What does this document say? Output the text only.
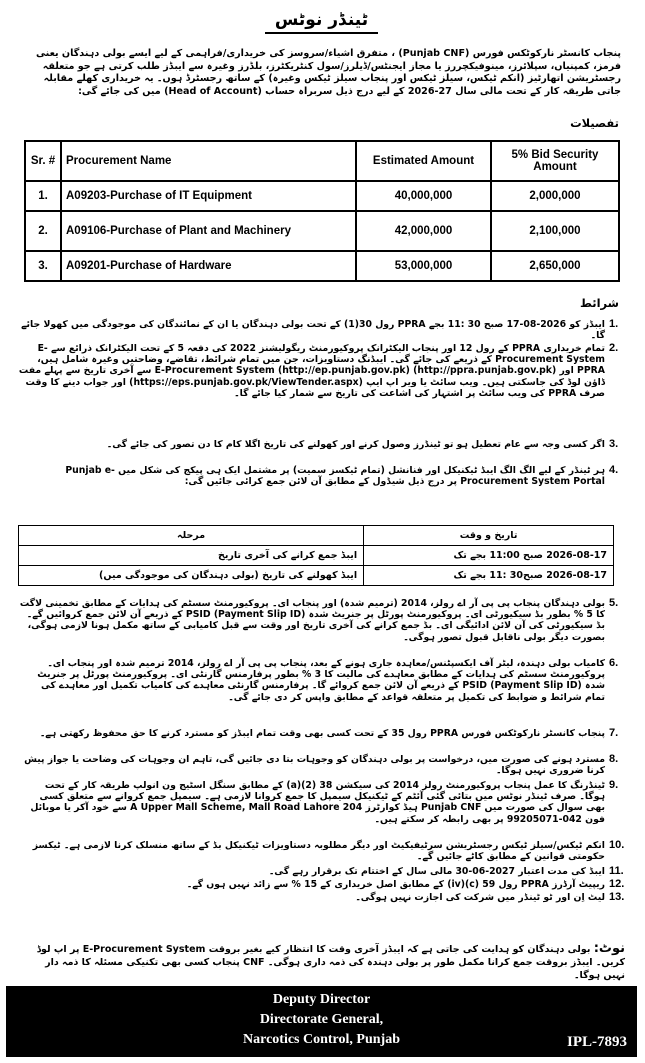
ٹینڈر نوٹس
پنجاب کانسٹر نارکوٹکس فورس (Punjab CNF) ، متفرق اشیاء/سروسز کی خریداری/فراہمی کے لیے ایسے بولی دہندگان یعنی فرمز، کمپنیاں، سپلائرز، مینوفیکچررز یا مجاز ایجنٹس/ڈیلرز/سول کنٹریکٹرز، بلڈرز وغیرہ سے ایبڈز طلب کرتی ہے جو متعلقہ رجسٹریشن اتھارٹیز (انکم ٹیکس، سیلز ٹیکس اور پنجاب سیلز ٹیکس وغیرہ) کے ساتھ رجسٹرڈ ہوں۔ یہ خریداری کھلے مقابلہ جاتی طریقہ کار کے تحت مالی سال 27-2026 کے لیے درج ذیل سربراہ حساب (Head of Account) میں کی جائے گی:
تفصیلات
Sr. #	Procurement Name	Estimated Amount	5% Bid Security Amount
1.	A09203-Purchase of IT Equipment	40,000,000	2,000,000
2.	A09106-Purchase of Plant and Machinery	42,000,000	2,100,000
3.	A09201-Purchase of Hardware	53,000,000	2,650,000
شرائط
1.
ایبڈز کو 2026-08-17 صبح 30 :11 بجے PPRA رول 30(1) کے تحت بولی دہندگان یا ان کے نمائندگان کی موجودگی میں کھولا جائے گا۔
2.
تمام خریداری PPRA کے رول 12 اور پنجاب الیکٹرانک پروکیورمنٹ ریگولیشنز 2022 کی دفعہ 5 کے تحت الیکٹرانک ذرائع سے E-Procurement System کے ذریعے کی جائے گی۔ ایبڈنگ دستاویزات، جن میں تمام شرائط، تقاضے، وضاحتیں وغیرہ شامل ہیں، PPRA اور E-Procurement System (http://ep.punjab.gov.pk) (http://ppra.punjab.gov.pk) سے آخری تاریخ سے پہلے مفت ڈاؤن لوڈ کی جاسکتی ہیں۔ ویب سائٹ یا ویر اپ ایپ (https://eps.punjab.gov.pk/ViewTender.aspx) اور جواب دینے کا وقت صرف PPRA کی ویب سائٹ پر اشتہار کی اشاعت کی تاریخ سے شمار کیا جائے گا۔
3.
اگر کسی وجہ سے عام تعطیل ہو تو ٹینڈرز وصول کرنے اور کھولنے کی تاریخ اگلا کام کا دن تصور کی جائے گی۔
4.
ہر ٹینڈر کے لیے الگ الگ ایبڈ ٹیکنیکل اور فنانشل (تمام ٹیکسز سمیت) پر مشتمل ایک ہی پیکج کی شکل میں Punjab e-Procurement System Portal پر درج ذیل شیڈول کے مطابق آن لائن جمع کرائی جائیں گی:
تاریخ و وقت	مرحلہ
2026-08-17 صبح 11:00 بجے تک	ایبڈ جمع کرانے کی آخری تاریخ
2026-08-17 صبح30 :11 بجے تک	ایبڈ کھولنے کی تاریخ (بولی دہندگان کی موجودگی میں)
5.
بولی دہندگان پنجاب پی پی آر اے رولز، 2014 (ترمیم شدہ) اور پنجاب ای۔ پروکیورمنٹ سسٹم کی ہدایات کے مطابق تخمینی لاگت کا 5 % بطور بڈ سیکیورٹی ای۔ پروکیورمنٹ پورٹل پر جنریٹ شدہ PSID (Payment Slip ID) کے ذریعے آن لائن جمع کروائیں گے۔ بڈ سیکیورٹی کی آن لائن ادائیگی ای۔ بڈ جمع کرانے کی آخری تاریخ اور وقت سے قبل کامیابی کے ساتھ مکمل ہونا لازمی ہوگی، بصورت دیگر بولی ناقابل قبول تصور ہوگی۔
6.
کامیاب بولی دہندہ، لیٹر آف ایکسپٹنس/معاہدہ جاری ہونے کے بعد، پنجاب پی پی آر اے رولز، 2014 ترمیم شدہ اور پنجاب ای۔ پروکیورمنٹ سسٹم کی ہدایات کے مطابق معاہدے کی مالیت کا 3 % بطور پرفارمنس گارنٹی ای۔ پروکیورمنٹ پورٹل پر جنریٹ شدہ PSID (Payment Slip ID) کے ذریعے آن لائن جمع کروائے گا۔ پرفارمنس گارنٹی معاہدے کی کامیاب تکمیل اور معاہدے کی تمام شرائط و ضوابط کی تکمیل پر متعلقہ قواعد کے مطابق واپس کر دی جائے گی۔
7.
پنجاب کانسٹر نارکوٹکس فورس PPRA رول 35 کے تحت کسی بھی وقت تمام ایبڈز کو مسترد کرنے کا حق محفوظ رکھتی ہے۔
8.
مسترد ہونے کی صورت میں، درخواست پر بولی دہندگان کو وجوہات بتا دی جائیں گی، تاہم ان وجوہات کی وضاحت یا جواز پیش کرنا ضروری نہیں ہوگا۔
9.
ٹینڈرنگ کا عمل پنجاب پروکیورمنٹ رولز 2014 کی سیکشن 38 (2)(a) کے مطابق سنگل اسٹیج ون انولپ طریقہ کار کے تحت ہوگا۔ صرف ٹینڈر نوٹس میں بتائی گئی آئٹم کے ٹیکنیکل سیمپل کا جمع کروانا لازمی ہے۔ سیمپل جمع کروانے سے متعلق کسی بھی سوال کی صورت میں Punjab CNF ہیڈ کوارٹرز 204 A Upper Mall Scheme, Mall Road Lahore سے خود آکر یا موبائل فون 042-99205071 پر بھی رابطہ کر سکتے ہیں۔
10.
انکم ٹیکس/سیلز ٹیکس رجسٹریشن سرٹیفیکیٹ اور دیگر مطلوبہ دستاویزات ٹیکنیکل بڈ کے ساتھ منسلک کرنا لازمی ہے۔ ٹیکسز حکومتی قوانین کے مطابق کاٹے جائیں گے۔
11.
ایبڈ کی مدت اعتبار 2027-06-30 مالی سال کے اختتام تک برقرار رہے گی۔
12.
ریپیٹ آرڈرز PPRA رول 59 (c)(iv) کے مطابق اصل خریداری کے 15 % سے زائد نہیں ہوں گے۔
13.
لیٹ اِن اور ٹو ٹینڈر میں شرکت کی اجازت نہیں ہوگی۔
نوٹ: بولی دہندگان کو ہدایت کی جاتی ہے کہ ایبڈز آخری وقت کا انتظار کیے بغیر بروقت E-Procurement System پر اپ لوڈ کریں۔ ایبڈز بروقت جمع کرانا مکمل طور پر بولی دہندہ کی ذمہ داری ہوگی۔ CNF پنجاب کسی بھی تکنیکی مسئلہ کا ذمہ دار نہیں ہوگا۔
Deputy Director
Directorate General,
Narcotics Control, Punjab	IPL-7893
